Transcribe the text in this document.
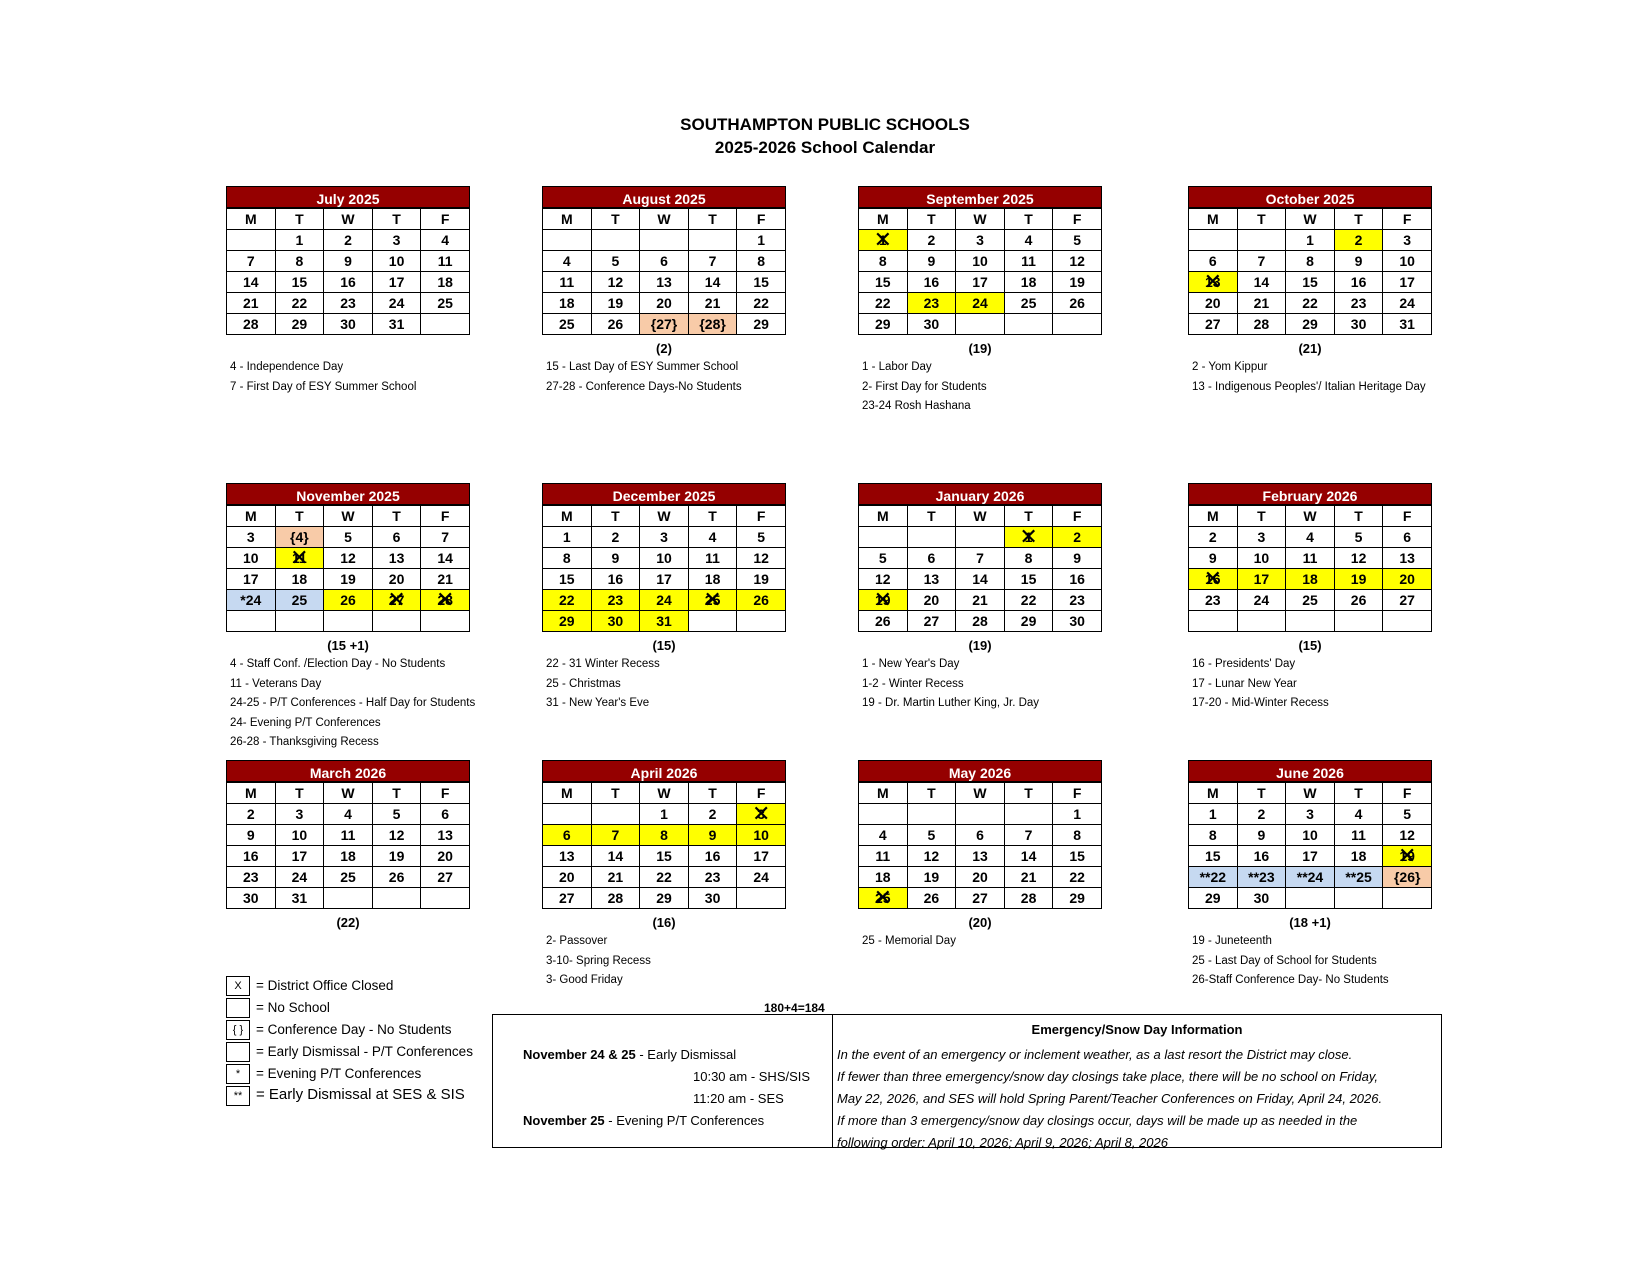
SOUTHAMPTON PUBLIC SCHOOLS
2025-2026 School Calendar
July 2025
M	T	W	T	F
	1	2	3	4
7	8	9	10	11
14	15	16	17	18
21	22	23	24	25
28	29	30	31	

4 - Independence Day
7 - First Day of ESY Summer School
August 2025
M	T	W	T	F
				1
4	5	6	7	8
11	12	13	14	15
18	19	20	21	22
25	26	{27}	{28}	29
(2)
15 - Last Day of ESY Summer School
27-28 - Conference Days-No Students
September 2025
M	T	W	T	F
1 ✕	2	3	4	5
8	9	10	11	12
15	16	17	18	19
22	23	24	25	26
29	30			
(19)
1 - Labor Day
2- First Day for Students
23-24 Rosh Hashana
October 2025
M	T	W	T	F
		1	2	3
6	7	8	9	10
13 ✕	14	15	16	17
20	21	22	23	24
27	28	29	30	31
(21)
2 - Yom Kippur
13 - Indigenous Peoples'/ Italian Heritage Day
November 2025
M	T	W	T	F
3	{4}	5	6	7
10	11 ✕	12	13	14
17	18	19	20	21
*24	25	26	27 ✕	28 ✕

(15 +1)
4 - Staff Conf. /Election Day - No Students
11 - Veterans Day
24-25 - P/T Conferences - Half Day for Students
24- Evening P/T Conferences
26-28 - Thanksgiving Recess
December 2025
M	T	W	T	F
1	2	3	4	5
8	9	10	11	12
15	16	17	18	19
22	23	24	25 ✕	26
29	30	31		
(15)
22 - 31 Winter Recess
25 - Christmas
31 - New Year's Eve
January 2026
M	T	W	T	F
			1 ✕	2
5	6	7	8	9
12	13	14	15	16
19 ✕	20	21	22	23
26	27	28	29	30
(19)
1 - New Year's Day
1-2 - Winter Recess
19 - Dr. Martin Luther King, Jr. Day
February 2026
M	T	W	T	F
2	3	4	5	6
9	10	11	12	13
16 ✕	17	18	19	20
23	24	25	26	27

(15)
16 - Presidents' Day
17 - Lunar New Year
17-20 - Mid-Winter Recess
March 2026
M	T	W	T	F
2	3	4	5	6
9	10	11	12	13
16	17	18	19	20
23	24	25	26	27
30	31			
(22)
April 2026
M	T	W	T	F
		1	2	3 ✕
6	7	8	9	10
13	14	15	16	17
20	21	22	23	24
27	28	29	30	
(16)
2- Passover
3-10- Spring Recess
3- Good Friday
May 2026
M	T	W	T	F
				1
4	5	6	7	8
11	12	13	14	15
18	19	20	21	22
25 ✕	26	27	28	29
(20)
25 - Memorial Day
June 2026
M	T	W	T	F
1	2	3	4	5
8	9	10	11	12
15	16	17	18	19 ✕
**22	**23	**24	**25	{26}
29	30			
(18 +1)
19 - Juneteenth
25 - Last Day of School for Students
26-Staff Conference Day- No Students
X	= District Office Closed
= No School
{ } = Conference Day - No Students
= Early Dismissal - P/T Conferences
*	= Evening P/T Conferences
** = Early Dismissal at SES & SIS
180+4=184
November 24 & 25 - Early Dismissal
10:30 am - SHS/SIS
11:20 am - SES
November 25 - Evening P/T Conferences
Emergency/Snow Day Information
In the event of an emergency or inclement weather, as a last resort the District may close.
If fewer than three emergency/snow day closings take place, there will be no school on Friday,
May 22, 2026, and SES will hold Spring Parent/Teacher Conferences on Friday, April 24, 2026.
If more than 3 emergency/snow day closings occur, days will be made up as needed in the
following order: April 10, 2026; April 9, 2026; April 8, 2026
